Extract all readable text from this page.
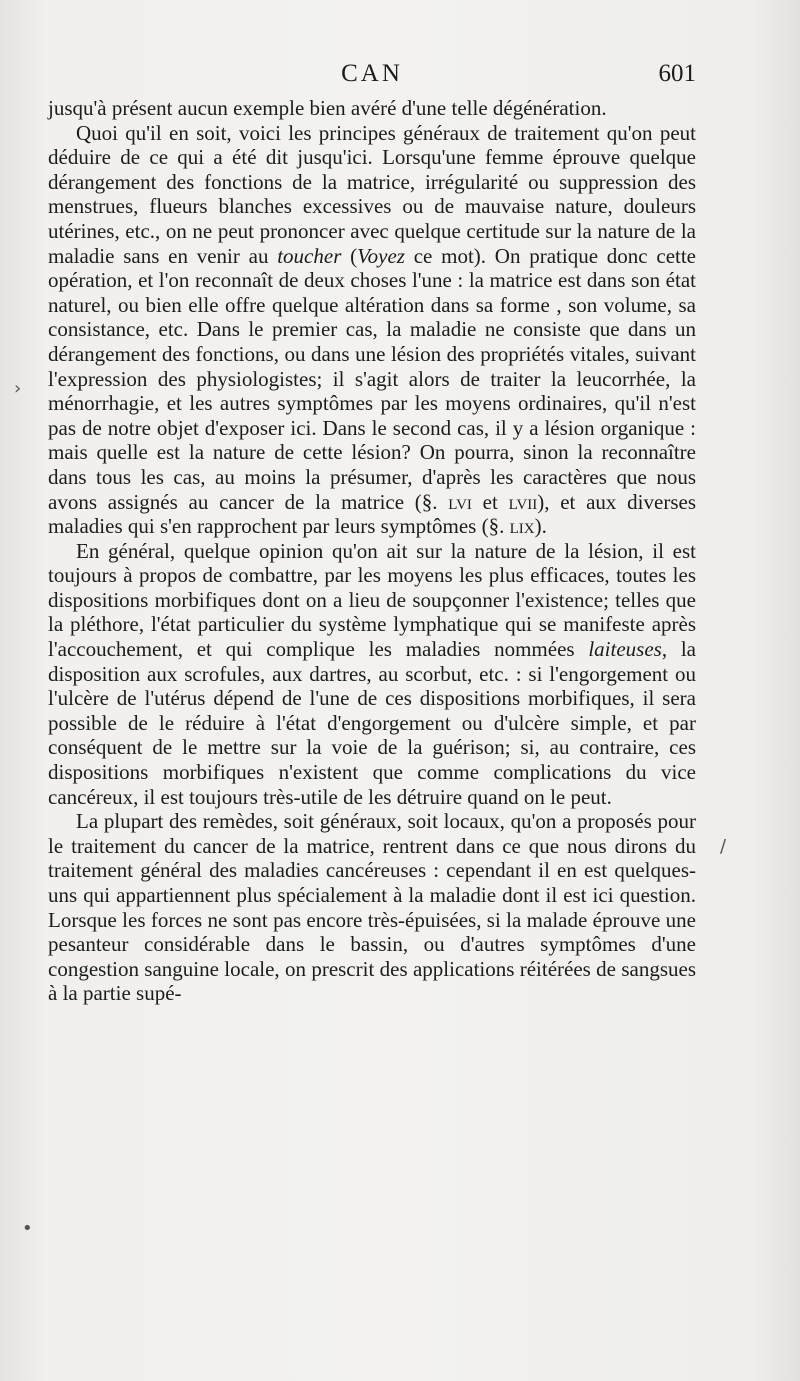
CAN	601

jusqu'à présent aucun exemple bien avéré d'une telle dégénération.

Quoi qu'il en soit, voici les principes généraux de traitement qu'on peut déduire de ce qui a été dit jusqu'ici. Lorsqu'une femme éprouve quelque dérangement des fonctions de la matrice, irrégularité ou suppression des menstrues, flueurs blanches excessives ou de mauvaise nature, douleurs utérines, etc., on ne peut prononcer avec quelque certitude sur la nature de la maladie sans en venir au toucher (Voyez ce mot). On pratique donc cette opération, et l'on reconnaît de deux choses l'une : la matrice est dans son état naturel, ou bien elle offre quelque altération dans sa forme , son volume, sa consistance, etc. Dans le premier cas, la maladie ne consiste que dans un dérangement des fonctions, ou dans une lésion des propriétés vitales, suivant l'expression des physiologistes; il s'agit alors de traiter la leucorrhée, la ménorrhagie, et les autres symptômes par les moyens ordinaires, qu'il n'est pas de notre objet d'exposer ici. Dans le second cas, il y a lésion organique : mais quelle est la nature de cette lésion? On pourra, sinon la reconnaître dans tous les cas, au moins la présumer, d'après les caractères que nous avons assignés au cancer de la matrice (§. lvi et lvii), et aux diverses maladies qui s'en rapprochent par leurs symptômes (§. lix).

En général, quelque opinion qu'on ait sur la nature de la lésion, il est toujours à propos de combattre, par les moyens les plus efficaces, toutes les dispositions morbifiques dont on a lieu de soupçonner l'existence; telles que la pléthore, l'état particulier du système lymphatique qui se manifeste après l'accouchement, et qui complique les maladies nommées laiteuses, la disposition aux scrofules, aux dartres, au scorbut, etc. : si l'engorgement ou l'ulcère de l'utérus dépend de l'une de ces dispositions morbifiques, il sera possible de le réduire à l'état d'engorgement ou d'ulcère simple, et par conséquent de le mettre sur la voie de la guérison; si, au contraire, ces dispositions morbifiques n'existent que comme complications du vice cancéreux, il est toujours très-utile de les détruire quand on le peut.

La plupart des remèdes, soit généraux, soit locaux, qu'on a proposés pour le traitement du cancer de la matrice, rentrent dans ce que nous dirons du traitement général des maladies cancéreuses : cependant il en est quelques-uns qui appartiennent plus spécialement à la maladie dont il est ici question. Lorsque les forces ne sont pas encore très-épuisées, si la malade éprouve une pesanteur considérable dans le bassin, ou d'autres symptômes d'une congestion sanguine locale, on prescrit des applications réitérées de sangsues à la partie supé-

›
/
•
